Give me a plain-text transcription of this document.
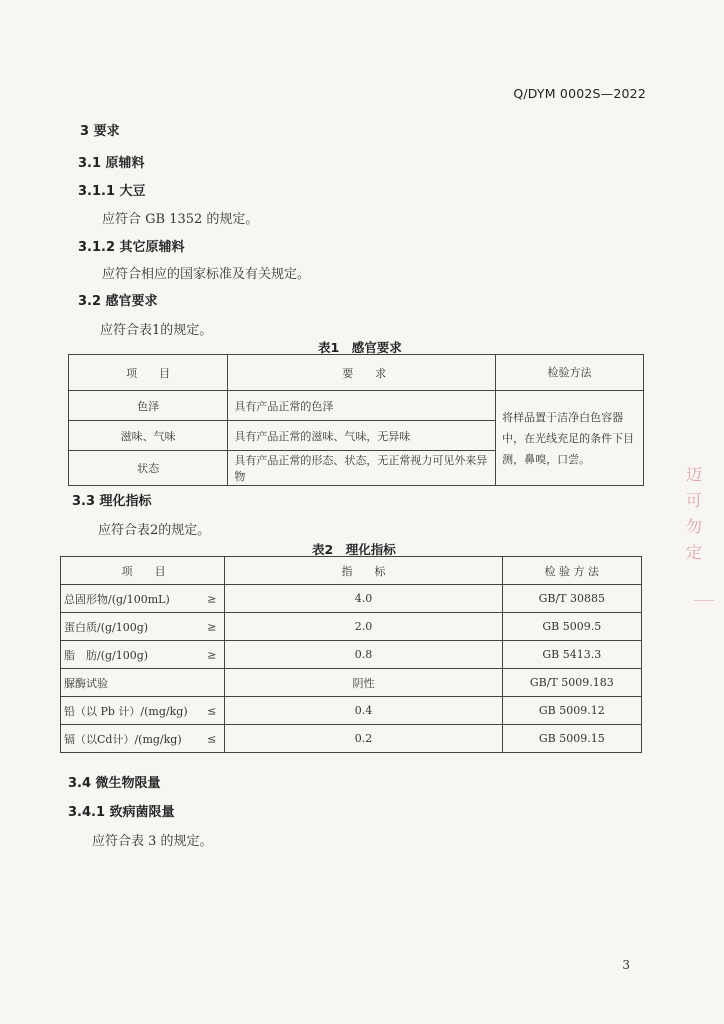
Q/DYM 0002S—2022
3 要求
3.1 原辅料
3.1.1 大豆
应符合 GB 1352 的规定。
3.1.2 其它原辅料
应符合相应的国家标准及有关规定。
3.2 感官要求
应符合表1的规定。
表1　感官要求
项　　目	要　　求	检验方法
色泽	具有产品正常的色泽	将样品置于洁净白色容器中，在光线充足的条件下目测，鼻嗅，口尝。
滋味、气味	具有产品正常的滋味、气味，无异味	
状态	具有产品正常的形态、状态，无正常视力可见外来异物	
3.3 理化指标
应符合表2的规定。
表2　理化指标
项　　目	指　　标	检 验 方 法
总固形物/(g/100mL) ≥	4.0	GB/T 30885
蛋白质/(g/100g) ≥	2.0	GB 5009.5
脂　肪/(g/100g) ≥	0.8	GB 5413.3
脲酶试验	阴性	GB/T 5009.183
铅（以 Pb 计）/(mg/kg) ≤	0.4	GB 5009.12
镉（以Cd计）/(mg/kg) ≤	0.2	GB 5009.15
3.4 微生物限量
3.4.1 致病菌限量
应符合表 3 的规定。
3
迈
可
勿
定
